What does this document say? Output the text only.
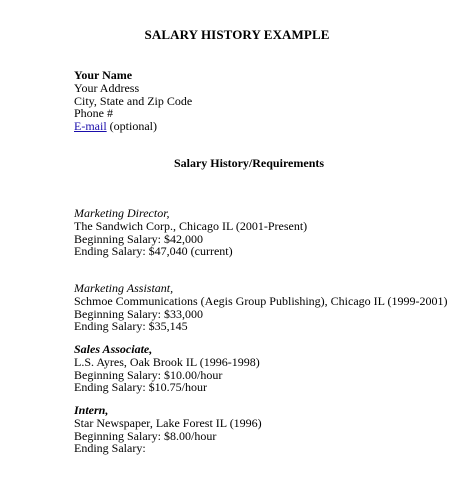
SALARY HISTORY EXAMPLE
Your Name
Your Address
City, State and Zip Code
Phone #
E-mail (optional)
Salary History/Requirements
Marketing Director,
The Sandwich Corp., Chicago IL (2001-Present)
Beginning Salary: $42,000
Ending Salary: $47,040 (current)
Marketing Assistant,
Schmoe Communications (Aegis Group Publishing), Chicago IL (1999-2001)
Beginning Salary: $33,000
Ending Salary: $35,145
Sales Associate,
L.S. Ayres, Oak Brook IL (1996-1998)
Beginning Salary: $10.00/hour
Ending Salary: $10.75/hour
Intern,
Star Newspaper, Lake Forest IL (1996)
Beginning Salary: $8.00/hour
Ending Salary:
